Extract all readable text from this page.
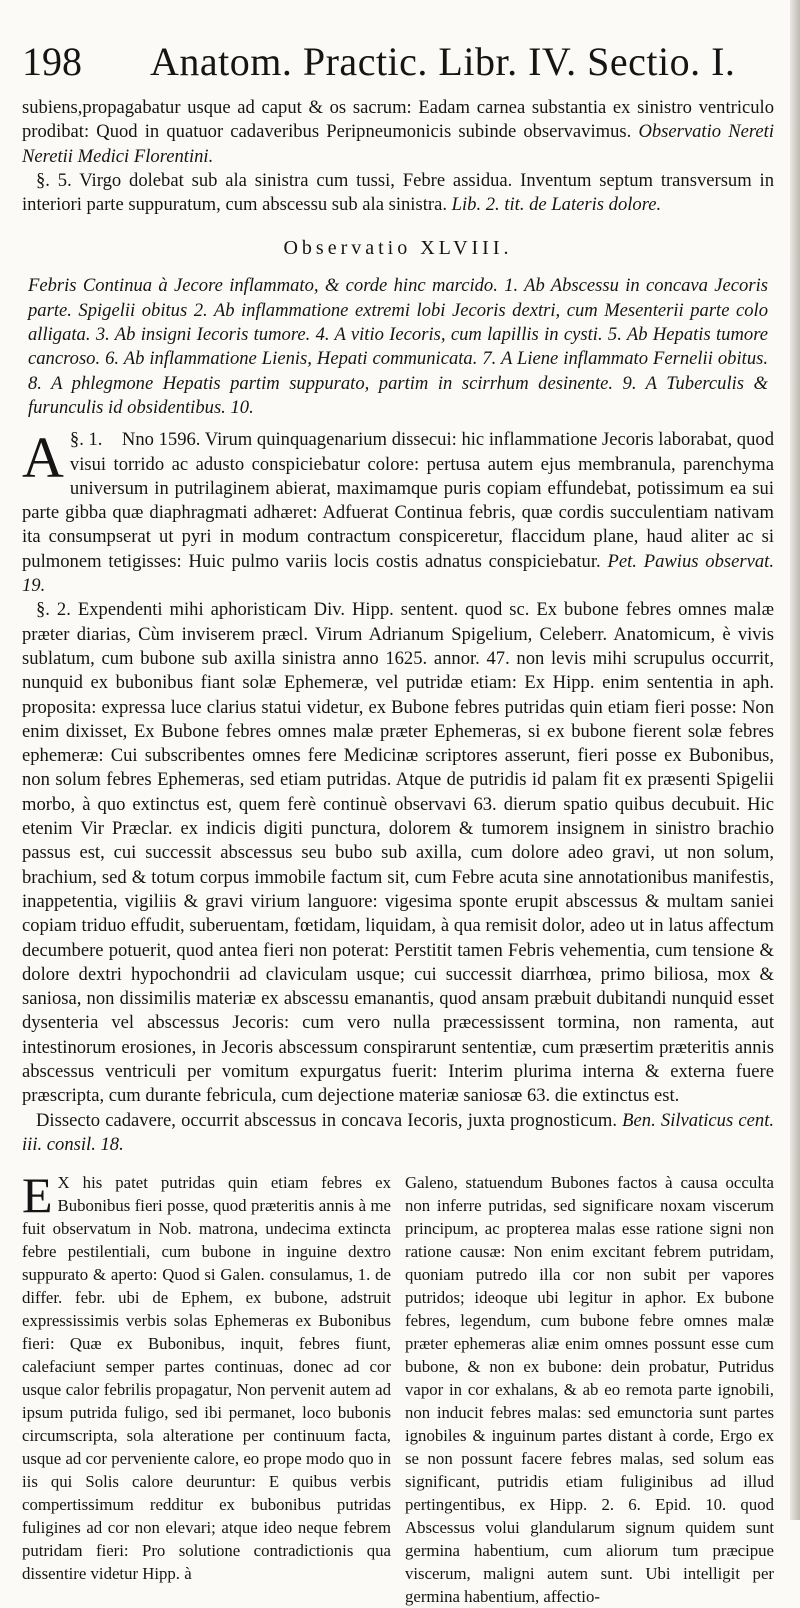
198	Anatom. Practic. Libr. IV. Sectio. I.

subiens,propagabatur usque ad caput & os sacrum: Eadam carnea substantia ex sinistro ventriculo prodibat: Quod in quatuor cadaveribus Peripneumonicis subinde observavimus. Observatio Nereti Neretii Medici Florentini.

§. 5. Virgo dolebat sub ala sinistra cum tussi, Febre assidua. Inventum septum transversum in interiori parte suppuratum, cum abscessu sub ala sinistra. Lib. 2. tit. de Lateris dolore.

Observatio XLVIII.

Febris Continua à Jecore inflammato, & corde hinc marcido. 1. Ab Abscessu in concava Jecoris parte. Spigelii obitus 2. Ab inflammatione extremi lobi Jecoris dextri, cum Mesenterii parte colo alligata. 3. Ab insigni Iecoris tumore. 4. A vitio Iecoris, cum lapillis in cysti. 5. Ab Hepatis tumore cancroso. 6. Ab inflammatione Lienis, Hepati communicata. 7. A Liene inflammato Fernelii obitus. 8. A phlegmone Hepatis partim suppurato, partim in scirrhum desinente. 9. A Tuberculis & furunculis id obsidentibus. 10.

§. 1.
A	Nno 1596. Virum quinquagenarium dissecui: hic inflammatione Jecoris laborabat, quod visui torrido ac adusto conspiciebatur colore: pertusa autem ejus membranula, parenchyma universum in putrilaginem abierat, maximamque puris copiam effundebat, potissimum ea sui parte gibba quæ diaphragmati adhæret: Adfuerat Continua febris, quæ cordis succulentiam nativam ita consumpserat ut pyri in modum contractum conspiceretur, flaccidum plane, haud aliter ac si pulmonem tetigisses: Huic pulmo variis locis costis adnatus conspiciebatur. Pet. Pawius observat. 19.

§. 2. Expendenti mihi aphoristicam Div. Hipp. sentent. quod sc. Ex bubone febres omnes malæ præter diarias, Cùm inviserem præcl. Virum Adrianum Spigelium, Celeberr. Anatomicum, è vivis sublatum, cum bubone sub axilla sinistra anno 1625. annor. 47. non levis mihi scrupulus occurrit, nunquid ex bubonibus fiant solæ Ephemeræ, vel putridæ etiam: Ex Hipp. enim sententia in aph. proposita: expressa luce clarius statui videtur, ex Bubone febres putridas quin etiam fieri posse: Non enim dixisset, Ex Bubone febres omnes malæ præter Ephemeras, si ex bubone fierent solæ febres ephemeræ: Cui subscribentes omnes fere Medicinæ scriptores asserunt, fieri posse ex Bubonibus, non solum febres Ephemeras, sed etiam putridas. Atque de putridis id palam fit ex præsenti Spigelii morbo, à quo extinctus est, quem ferè continuè observavi 63. dierum spatio quibus decubuit. Hic etenim Vir Præclar. ex indicis digiti punctura, dolorem & tumorem insignem in sinistro brachio passus est, cui successit abscessus seu bubo sub axilla, cum dolore adeo gravi, ut non solum, brachium, sed & totum corpus immobile factum sit, cum Febre acuta sine annotationibus manifestis, inappetentia, vigiliis & gravi virium languore: vigesima sponte erupit abscessus & multam saniei copiam triduo effudit, suberuentam, fœtidam, liquidam, à qua remisit dolor, adeo ut in latus affectum decumbere potuerit, quod antea fieri non poterat: Perstitit tamen Febris vehementia, cum tensione & dolore dextri hypochondrii ad claviculam usque; cui successit diarrhœa, primo biliosa, mox & saniosa, non dissimilis materiæ ex abscessu emanantis, quod ansam præbuit dubitandi nunquid esset dysenteria vel abscessus Jecoris: cum vero nulla præcessissent tormina, non ramenta, aut intestinorum erosiones, in Jecoris abscessum conspirarunt sententiæ, cum præsertim præteritis annis abscessus ventriculi per vomitum expurgatus fuerit: Interim plurima interna & externa fuere præscripta, cum durante febricula, cum dejectione materiæ saniosæ 63. die extinctus est.

Dissecto cadavere, occurrit abscessus in concava Iecoris, juxta prognosticum. Ben. Silvaticus cent. iii. consil. 18.

E X his patet putridas quin etiam febres ex Bubonibus fieri posse, quod præteritis annis à me fuit observatum in Nob. matrona, undecima extincta febre pestilentiali, cum bubone in inguine dextro suppurato & aperto: Quod si Galen. consulamus, 1. de differ. febr. ubi de Ephem, ex bubone, adstruit expressissimis verbis solas Ephemeras ex Bubonibus fieri: Quæ ex Bubonibus, inquit, febres fiunt, calefaciunt semper partes continuas, donec ad cor usque calor febrilis propagatur, Non pervenit autem ad ipsum putrida fuligo, sed ibi permanet, loco bubonis circumscripta, sola alteratione per continuum facta, usque ad cor perveniente calore, eo prope modo quo in iis qui Solis calore deuruntur: E quibus verbis compertissimum redditur ex bubonibus putridas fuligines ad cor non elevari; atque ideo neque febrem putridam fieri: Pro solutione contradictionis qua dissentire videtur Hipp. à

Galeno, statuendum Bubones factos à causa occulta non inferre putridas, sed significare noxam viscerum principum, ac propterea malas esse ratione signi non ratione causæ: Non enim excitant febrem putridam, quoniam putredo illa cor non subit per vapores putridos; ideoque ubi legitur in aphor. Ex bubone febres, legendum, cum bubone febre omnes malæ præter ephemeras aliæ enim omnes possunt esse cum bubone, & non ex bubone: dein probatur, Putridus vapor in cor exhalans, & ab eo remota parte ignobili, non inducit febres malas: sed emunctoria sunt partes ignobiles & inguinum partes distant à corde, Ergo ex se non possunt facere febres malas, sed solum eas significant, putridis etiam fuliginibus ad illud pertingentibus, ex Hipp. 2. 6. Epid. 10. quod Abscessus volui glandularum signum quidem sunt germina habentium, cum aliorum tum præcipue viscerum, maligni autem sunt. Ubi intelligit per germina habentium, affectio-
